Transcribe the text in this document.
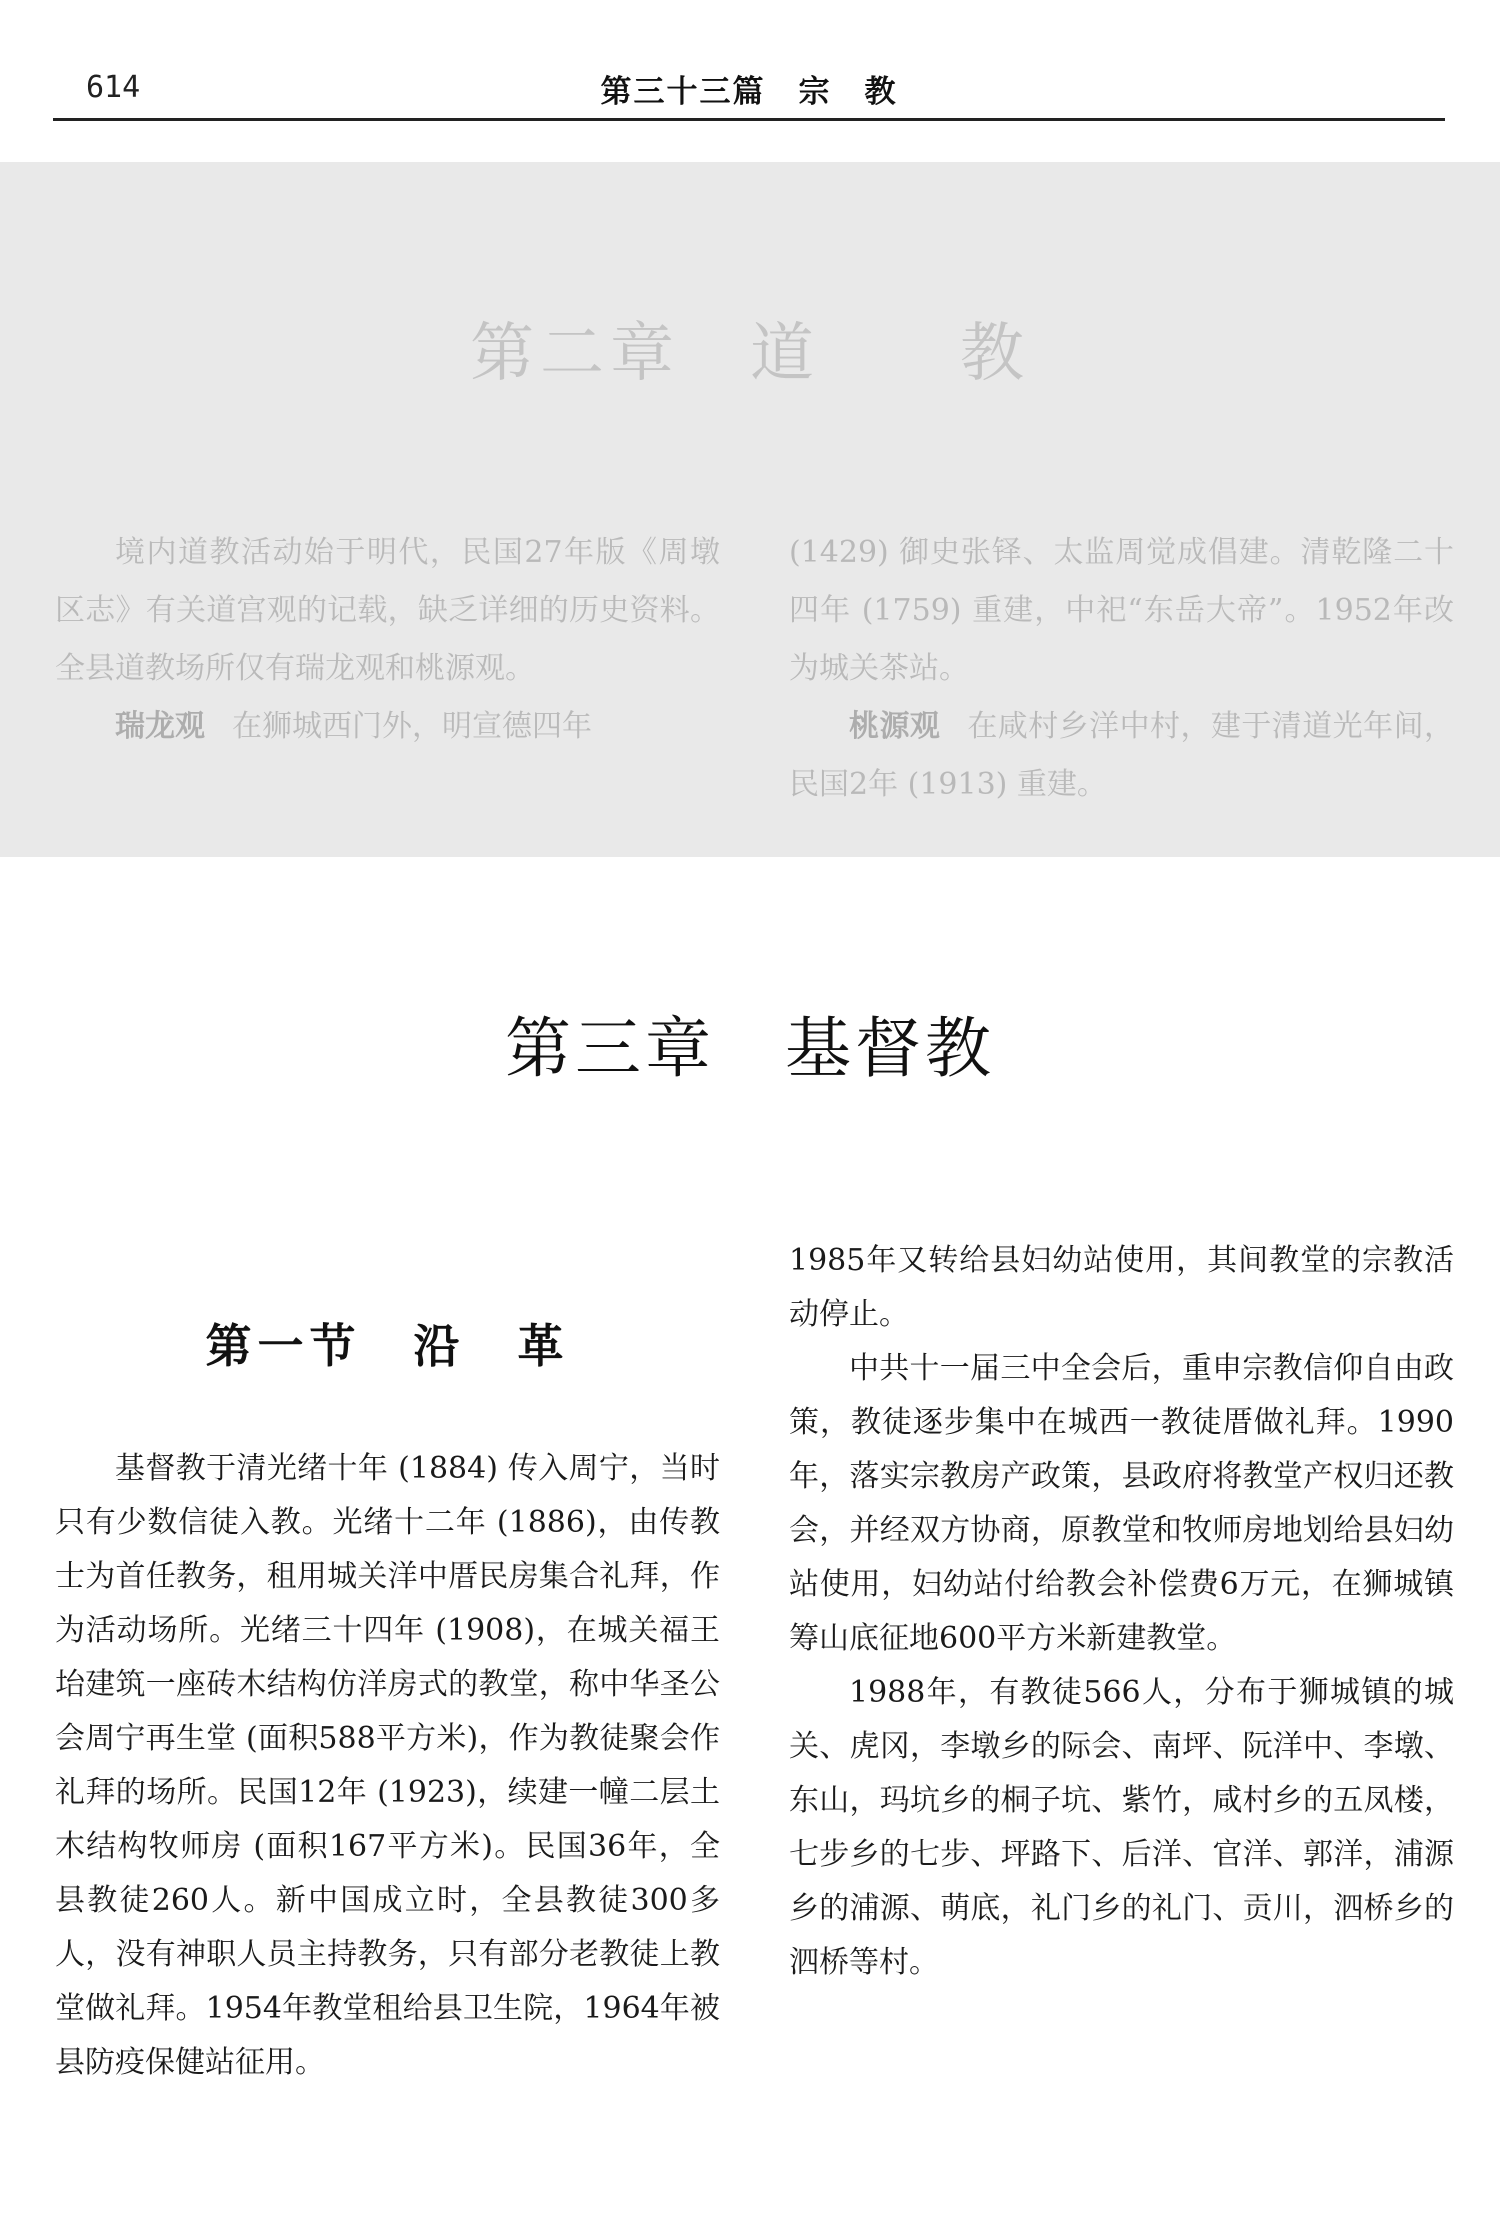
614	第三十三篇　宗　教
第二章　道　　教

境内道教活动始于明代，民国27年版《周墩区志》有关道宫观的记载，缺乏详细的历史资料。全县道教场所仅有瑞龙观和桃源观。

瑞龙观 在狮城西门外，明宣德四年

(1429) 御史张铎、太监周觉成倡建。清乾隆二十四年 (1759) 重建，中祀“东岳大帝”。1952年改为城关茶站。

桃源观 在咸村乡洋中村，建于清道光年间，民国2年 (1913) 重建。

第三章　基督教
第一节　沿　革

基督教于清光绪十年 (1884) 传入周宁，当时只有少数信徒入教。光绪十二年 (1886)，由传教士为首任教务，租用城关洋中厝民房集合礼拜，作为活动场所。光绪三十四年 (1908)，在城关福王坮建筑一座砖木结构仿洋房式的教堂，称中华圣公会周宁再生堂 (面积588平方米)，作为教徒聚会作礼拜的场所。民国12年 (1923)，续建一幢二层土木结构牧师房 (面积167平方米)。民国36年，全县教徒260人。新中国成立时，全县教徒300多人，没有神职人员主持教务，只有部分老教徒上教堂做礼拜。1954年教堂租给县卫生院，1964年被县防疫保健站征用。

1985年又转给县妇幼站使用，其间教堂的宗教活动停止。

中共十一届三中全会后，重申宗教信仰自由政策，教徒逐步集中在城西一教徒厝做礼拜。1990年，落实宗教房产政策，县政府将教堂产权归还教会，并经双方协商，原教堂和牧师房地划给县妇幼站使用，妇幼站付给教会补偿费6万元，在狮城镇筹山底征地600平方米新建教堂。

1988年，有教徒566人，分布于狮城镇的城关、虎冈，李墩乡的际会、南坪、阮洋中、李墩、东山，玛坑乡的桐子坑、紫竹，咸村乡的五凤楼，七步乡的七步、坪路下、后洋、官洋、郭洋，浦源乡的浦源、萌底，礼门乡的礼门、贡川，泗桥乡的泗桥等村。
